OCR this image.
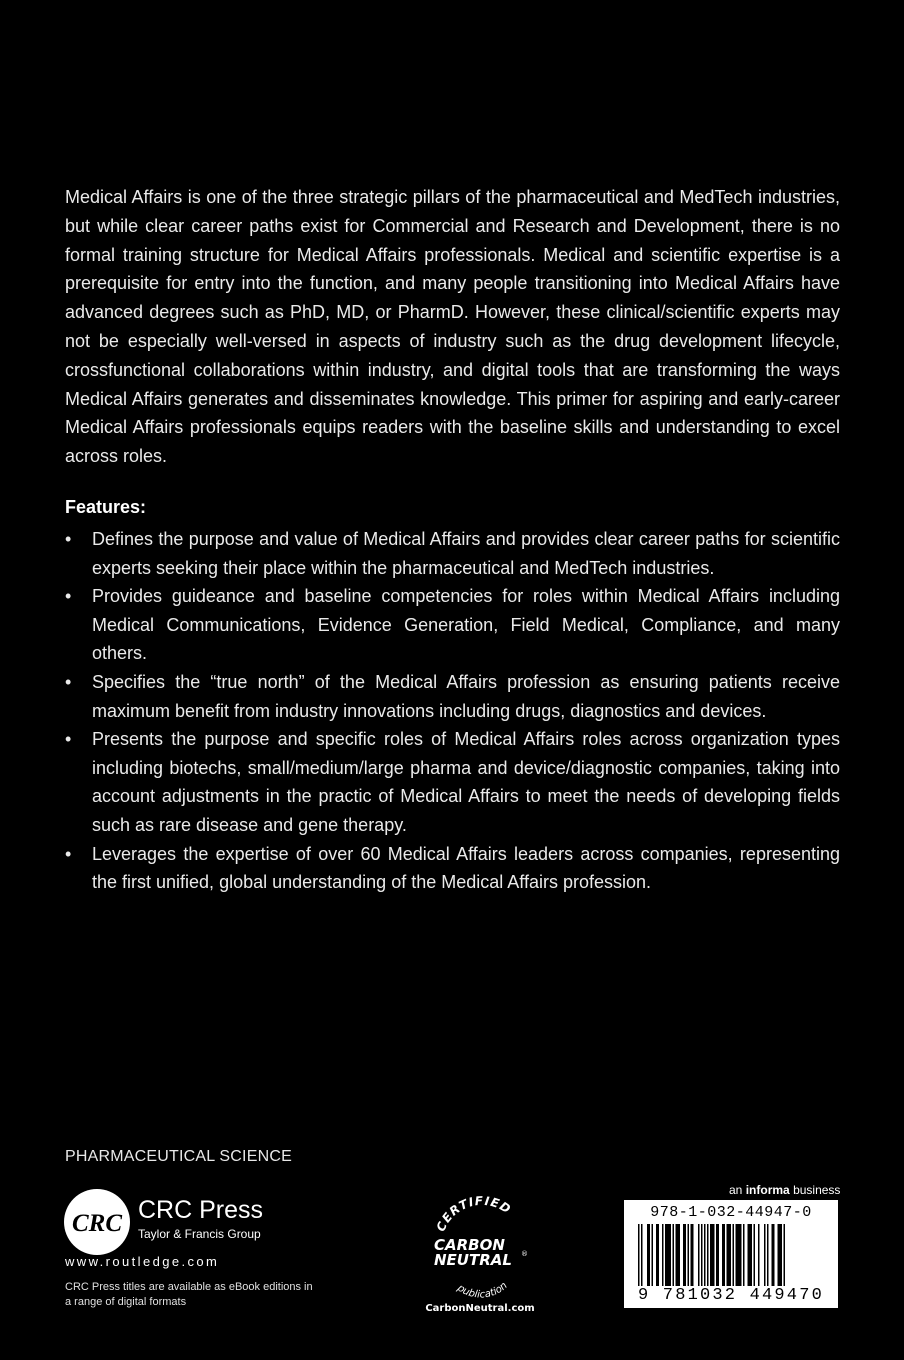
Medical Affairs is one of the three strategic pillars of the pharmaceutical and MedTech industries, but while clear career paths exist for Commercial and Research and Development, there is no formal training structure for Medical Affairs professionals. Medical and scientific expertise is a prerequisite for entry into the function, and many people transitioning into Medical Affairs have advanced degrees such as PhD, MD, or PharmD. However, these clinical/scientific experts may not be especially well-versed in aspects of industry such as the drug development lifecycle, crossfunctional collaborations within industry, and digital tools that are transforming the ways Medical Affairs generates and disseminates knowledge. This primer for aspiring and early-career Medical Affairs professionals equips readers with the baseline skills and understanding to excel across roles.

Features:

• Defines the purpose and value of Medical Affairs and provides clear career paths for scientific experts seeking their place within the pharmaceutical and MedTech industries.
• Provides guideance and baseline competencies for roles within Medical Affairs including Medical Communications, Evidence Generation, Field Medical, Compliance, and many others.
• Specifies the “true north” of the Medical Affairs profession as ensuring patients receive maximum benefit from industry innovations including drugs, diagnostics and devices.
• Presents the purpose and specific roles of Medical Affairs roles across organization types including biotechs, small/medium/large pharma and device/diagnostic companies, taking into account adjustments in the practic of Medical Affairs to meet the needs of developing fields such as rare disease and gene therapy.
• Leverages the expertise of over 60 Medical Affairs leaders across companies, representing the first unified, global understanding of the Medical Affairs profession.
PHARMACEUTICAL SCIENCE
CRC CRC Press
Taylor & Francis Group
www.routledge.com
CRC Press titles are available as eBook editions in a range of digital formats
CERTIFIED
CARBON
NEUTRAL ®
publication
CarbonNeutral.com
an informa business
978-1-032-44947-0
9 781032 449470
